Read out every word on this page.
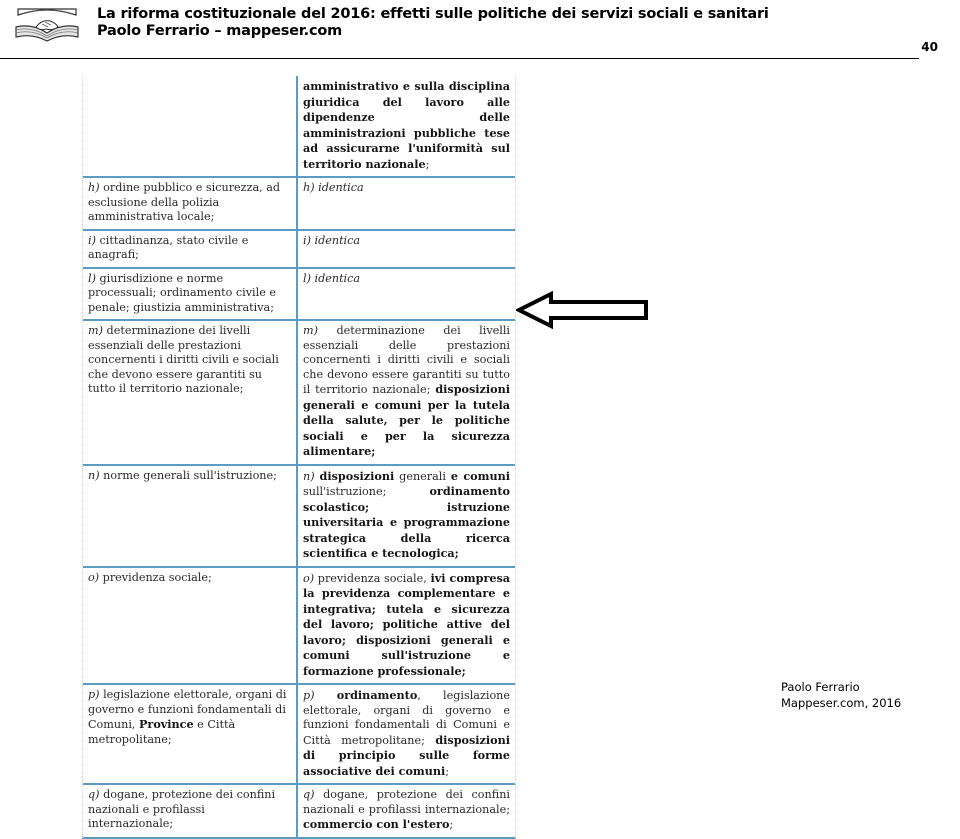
La riforma costituzionale del 2016: effetti sulle politiche dei servizi sociali e sanitari
Paolo Ferrario – mappeser.com
40
	amministrativo e sulla disciplina giuridica del lavoro alle dipendenze delle amministrazioni pubbliche tese ad assicurarne l'uniformità sul territorio nazionale;
h) ordine pubblico e sicurezza, ad esclusione della polizia amministrativa locale;	h) identica
i) cittadinanza, stato civile e anagrafi;	i) identica
l) giurisdizione e norme processuali; ordinamento civile e penale; giustizia amministrativa;	l) identica
m) determinazione dei livelli essenziali delle prestazioni concernenti i diritti civili e sociali che devono essere garantiti su tutto il territorio nazionale;	m) determinazione dei livelli essenziali delle prestazioni concernenti i diritti civili e sociali che devono essere garantiti su tutto il territorio nazionale; disposizioni generali e comuni per la tutela della salute, per le politiche sociali e per la sicurezza alimentare;
n) norme generali sull'istruzione;	n) disposizioni generali e comuni sull'istruzione; ordinamento scolastico; istruzione universitaria e programmazione strategica della ricerca scientifica e tecnologica;
o) previdenza sociale;	o) previdenza sociale, ivi compresa la previdenza complementare e integrativa; tutela e sicurezza del lavoro; politiche attive del lavoro; disposizioni generali e comuni sull'istruzione e formazione professionale;
p) legislazione elettorale, organi di governo e funzioni fondamentali di Comuni, Province e Città metropolitane;	p) ordinamento, legislazione elettorale, organi di governo e funzioni fondamentali di Comuni e Città metropolitane; disposizioni di principio sulle forme associative dei comuni;
q) dogane, protezione dei confini nazionali e profilassi internazionale;	q) dogane, protezione dei confini nazionali e profilassi internazionale; commercio con l'estero;
Paolo Ferrario
Mappeser.com, 2016
